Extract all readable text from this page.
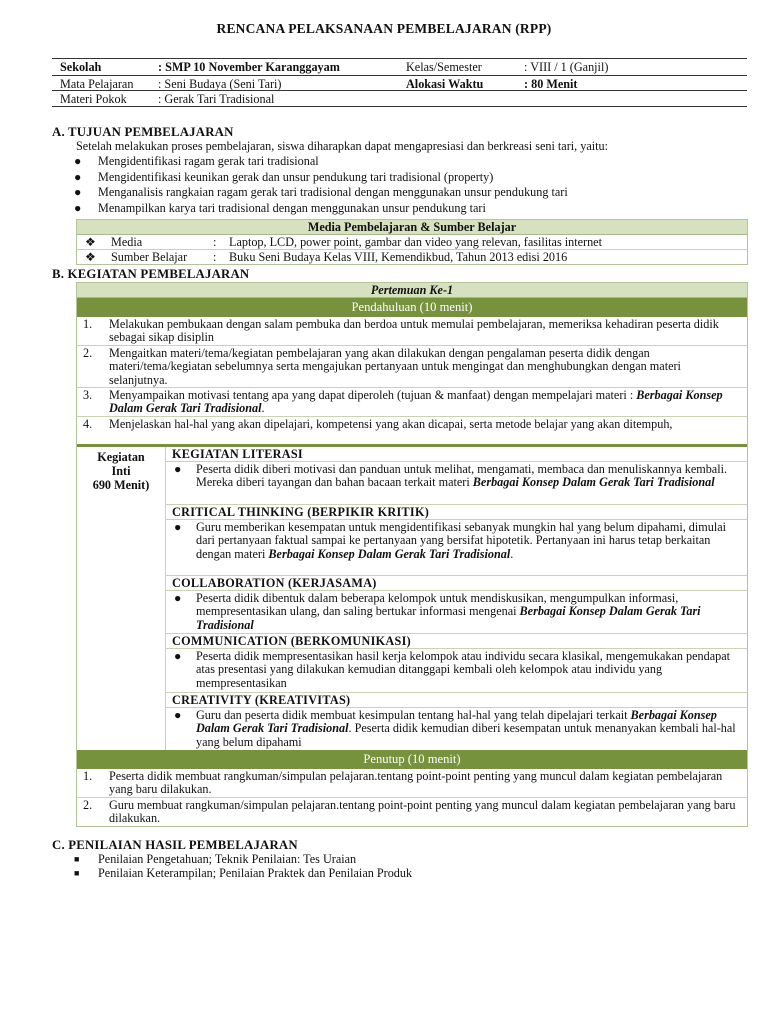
RENCANA PELAKSANAAN PEMBELAJARAN (RPP)
Sekolah	: SMP 10 November Karanggayam	Kelas/Semester	: VIII / 1 (Ganjil)
Mata Pelajaran : Seni Budaya (Seni Tari)	Alokasi Waktu	: 80 Menit
Materi Pokok	: Gerak Tari Tradisional
A. TUJUAN PEMBELAJARAN
Setelah melakukan proses pembelajaran, siswa diharapkan dapat mengapresiasi dan berkreasi seni tari, yaitu:
● Mengidentifikasi ragam gerak tari tradisional
● Mengidentifikasi keunikan gerak dan unsur pendukung tari tradisional (property)
● Menganalisis rangkaian ragam gerak tari tradisional dengan menggunakan unsur pendukung tari
● Menampilkan karya tari tradisional dengan menggunakan unsur pendukung tari
Media Pembelajaran & Sumber Belajar
❖ Media	: Laptop, LCD, power point, gambar dan video yang relevan, fasilitas internet
❖ Sumber Belajar : Buku Seni Budaya Kelas VIII, Kemendikbud, Tahun 2013 edisi 2016
B. KEGIATAN PEMBELAJARAN
Pertemuan Ke-1
Pendahuluan (10 menit)
1.	Melakukan pembukaan dengan salam pembuka dan berdoa untuk memulai pembelajaran, memeriksa kehadiran peserta didik sebagai sikap disiplin
2.	Mengaitkan materi/tema/kegiatan pembelajaran yang akan dilakukan dengan pengalaman peserta didik dengan materi/tema/kegiatan sebelumnya serta mengajukan pertanyaan untuk mengingat dan menghubungkan dengan materi selanjutnya.
3.	Menyampaikan motivasi tentang apa yang dapat diperoleh (tujuan & manfaat) dengan mempelajari materi : Berbagai Konsep Dalam Gerak Tari Tradisional.
4.	Menjelaskan hal-hal yang akan dipelajari, kompetensi yang akan dicapai, serta metode belajar yang akan ditempuh,
Kegiatan
Inti
690 Menit)
KEGIATAN LITERASI
● Peserta didik diberi motivasi dan panduan untuk melihat, mengamati, membaca dan menuliskannya kembali. Mereka diberi tayangan dan bahan bacaan terkait materi Berbagai Konsep Dalam Gerak Tari Tradisional
CRITICAL THINKING (BERPIKIR KRITIK)
● Guru memberikan kesempatan untuk mengidentifikasi sebanyak mungkin hal yang belum dipahami, dimulai dari pertanyaan faktual sampai ke pertanyaan yang bersifat hipotetik. Pertanyaan ini harus tetap berkaitan dengan materi Berbagai Konsep Dalam Gerak Tari Tradisional.
COLLABORATION (KERJASAMA)
● Peserta didik dibentuk dalam beberapa kelompok untuk mendiskusikan, mengumpulkan informasi, mempresentasikan ulang, dan saling bertukar informasi mengenai Berbagai Konsep Dalam Gerak Tari Tradisional
COMMUNICATION (BERKOMUNIKASI)
● Peserta didik mempresentasikan hasil kerja kelompok atau individu secara klasikal, mengemukakan pendapat atas presentasi yang dilakukan kemudian ditanggapi kembali oleh kelompok atau individu yang mempresentasikan
CREATIVITY (KREATIVITAS)
● Guru dan peserta didik membuat kesimpulan tentang hal-hal yang telah dipelajari terkait Berbagai Konsep Dalam Gerak Tari Tradisional. Peserta didik kemudian diberi kesempatan untuk menanyakan kembali hal-hal yang belum dipahami
Penutup (10 menit)
1.	Peserta didik membuat rangkuman/simpulan pelajaran.tentang point-point penting yang muncul dalam kegiatan pembelajaran yang baru dilakukan.
2.	Guru membuat rangkuman/simpulan pelajaran.tentang point-point penting yang muncul dalam kegiatan pembelajaran yang baru dilakukan.
C. PENILAIAN HASIL PEMBELAJARAN
■ Penilaian Pengetahuan; Teknik Penilaian: Tes Uraian
■ Penilaian Keterampilan; Penilaian Praktek dan Penilaian Produk
